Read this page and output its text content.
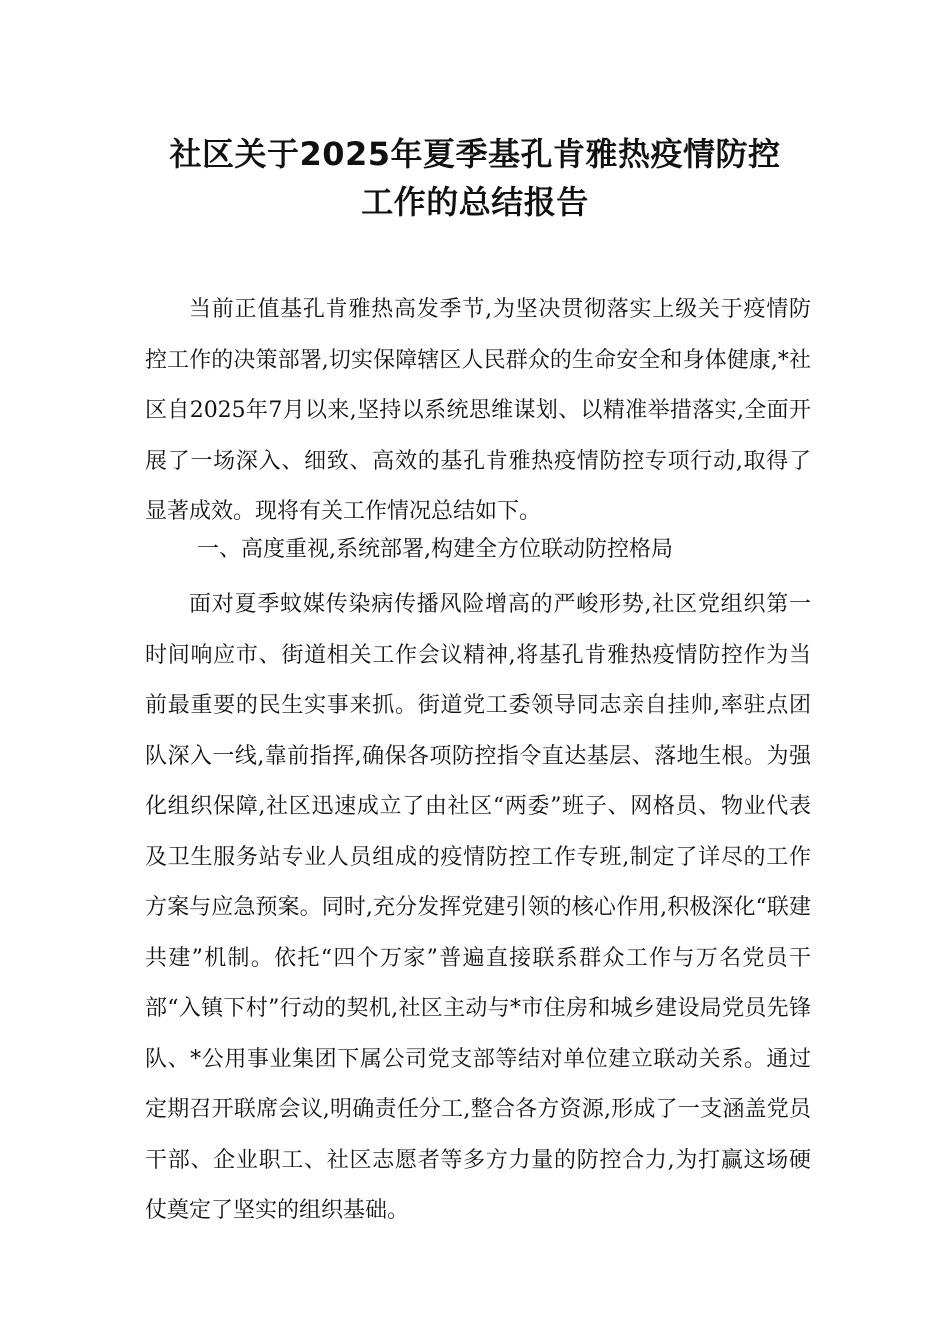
社区关于2025年夏季基孔肯雅热疫情防控
工作的总结报告

当前正值基孔肯雅热高发季节,为坚决贯彻落实上级关于疫情防控工作的决策部署,切实保障辖区人民群众的生命安全和身体健康,*社区自2025年7月以来,坚持以系统思维谋划、以精准举措落实,全面开展了一场深入、细致、高效的基孔肯雅热疫情防控专项行动,取得了显著成效。现将有关工作情况总结如下。

一、高度重视,系统部署,构建全方位联动防控格局

面对夏季蚊媒传染病传播风险增高的严峻形势,社区党组织第一时间响应市、街道相关工作会议精神,将基孔肯雅热疫情防控作为当前最重要的民生实事来抓。街道党工委领导同志亲自挂帅,率驻点团队深入一线,靠前指挥,确保各项防控指令直达基层、落地生根。为强化组织保障,社区迅速成立了由社区“两委”班子、网格员、物业代表及卫生服务站专业人员组成的疫情防控工作专班,制定了详尽的工作方案与应急预案。同时,充分发挥党建引领的核心作用,积极深化“联建共建”机制。依托“四个万家”普遍直接联系群众工作与万名党员干部“入镇下村”行动的契机,社区主动与*市住房和城乡建设局党员先锋队、*公用事业集团下属公司党支部等结对单位建立联动关系。通过定期召开联席会议,明确责任分工,整合各方资源,形成了一支涵盖党员干部、企业职工、社区志愿者等多方力量的防控合力,为打赢这场硬仗奠定了坚实的组织基础。
